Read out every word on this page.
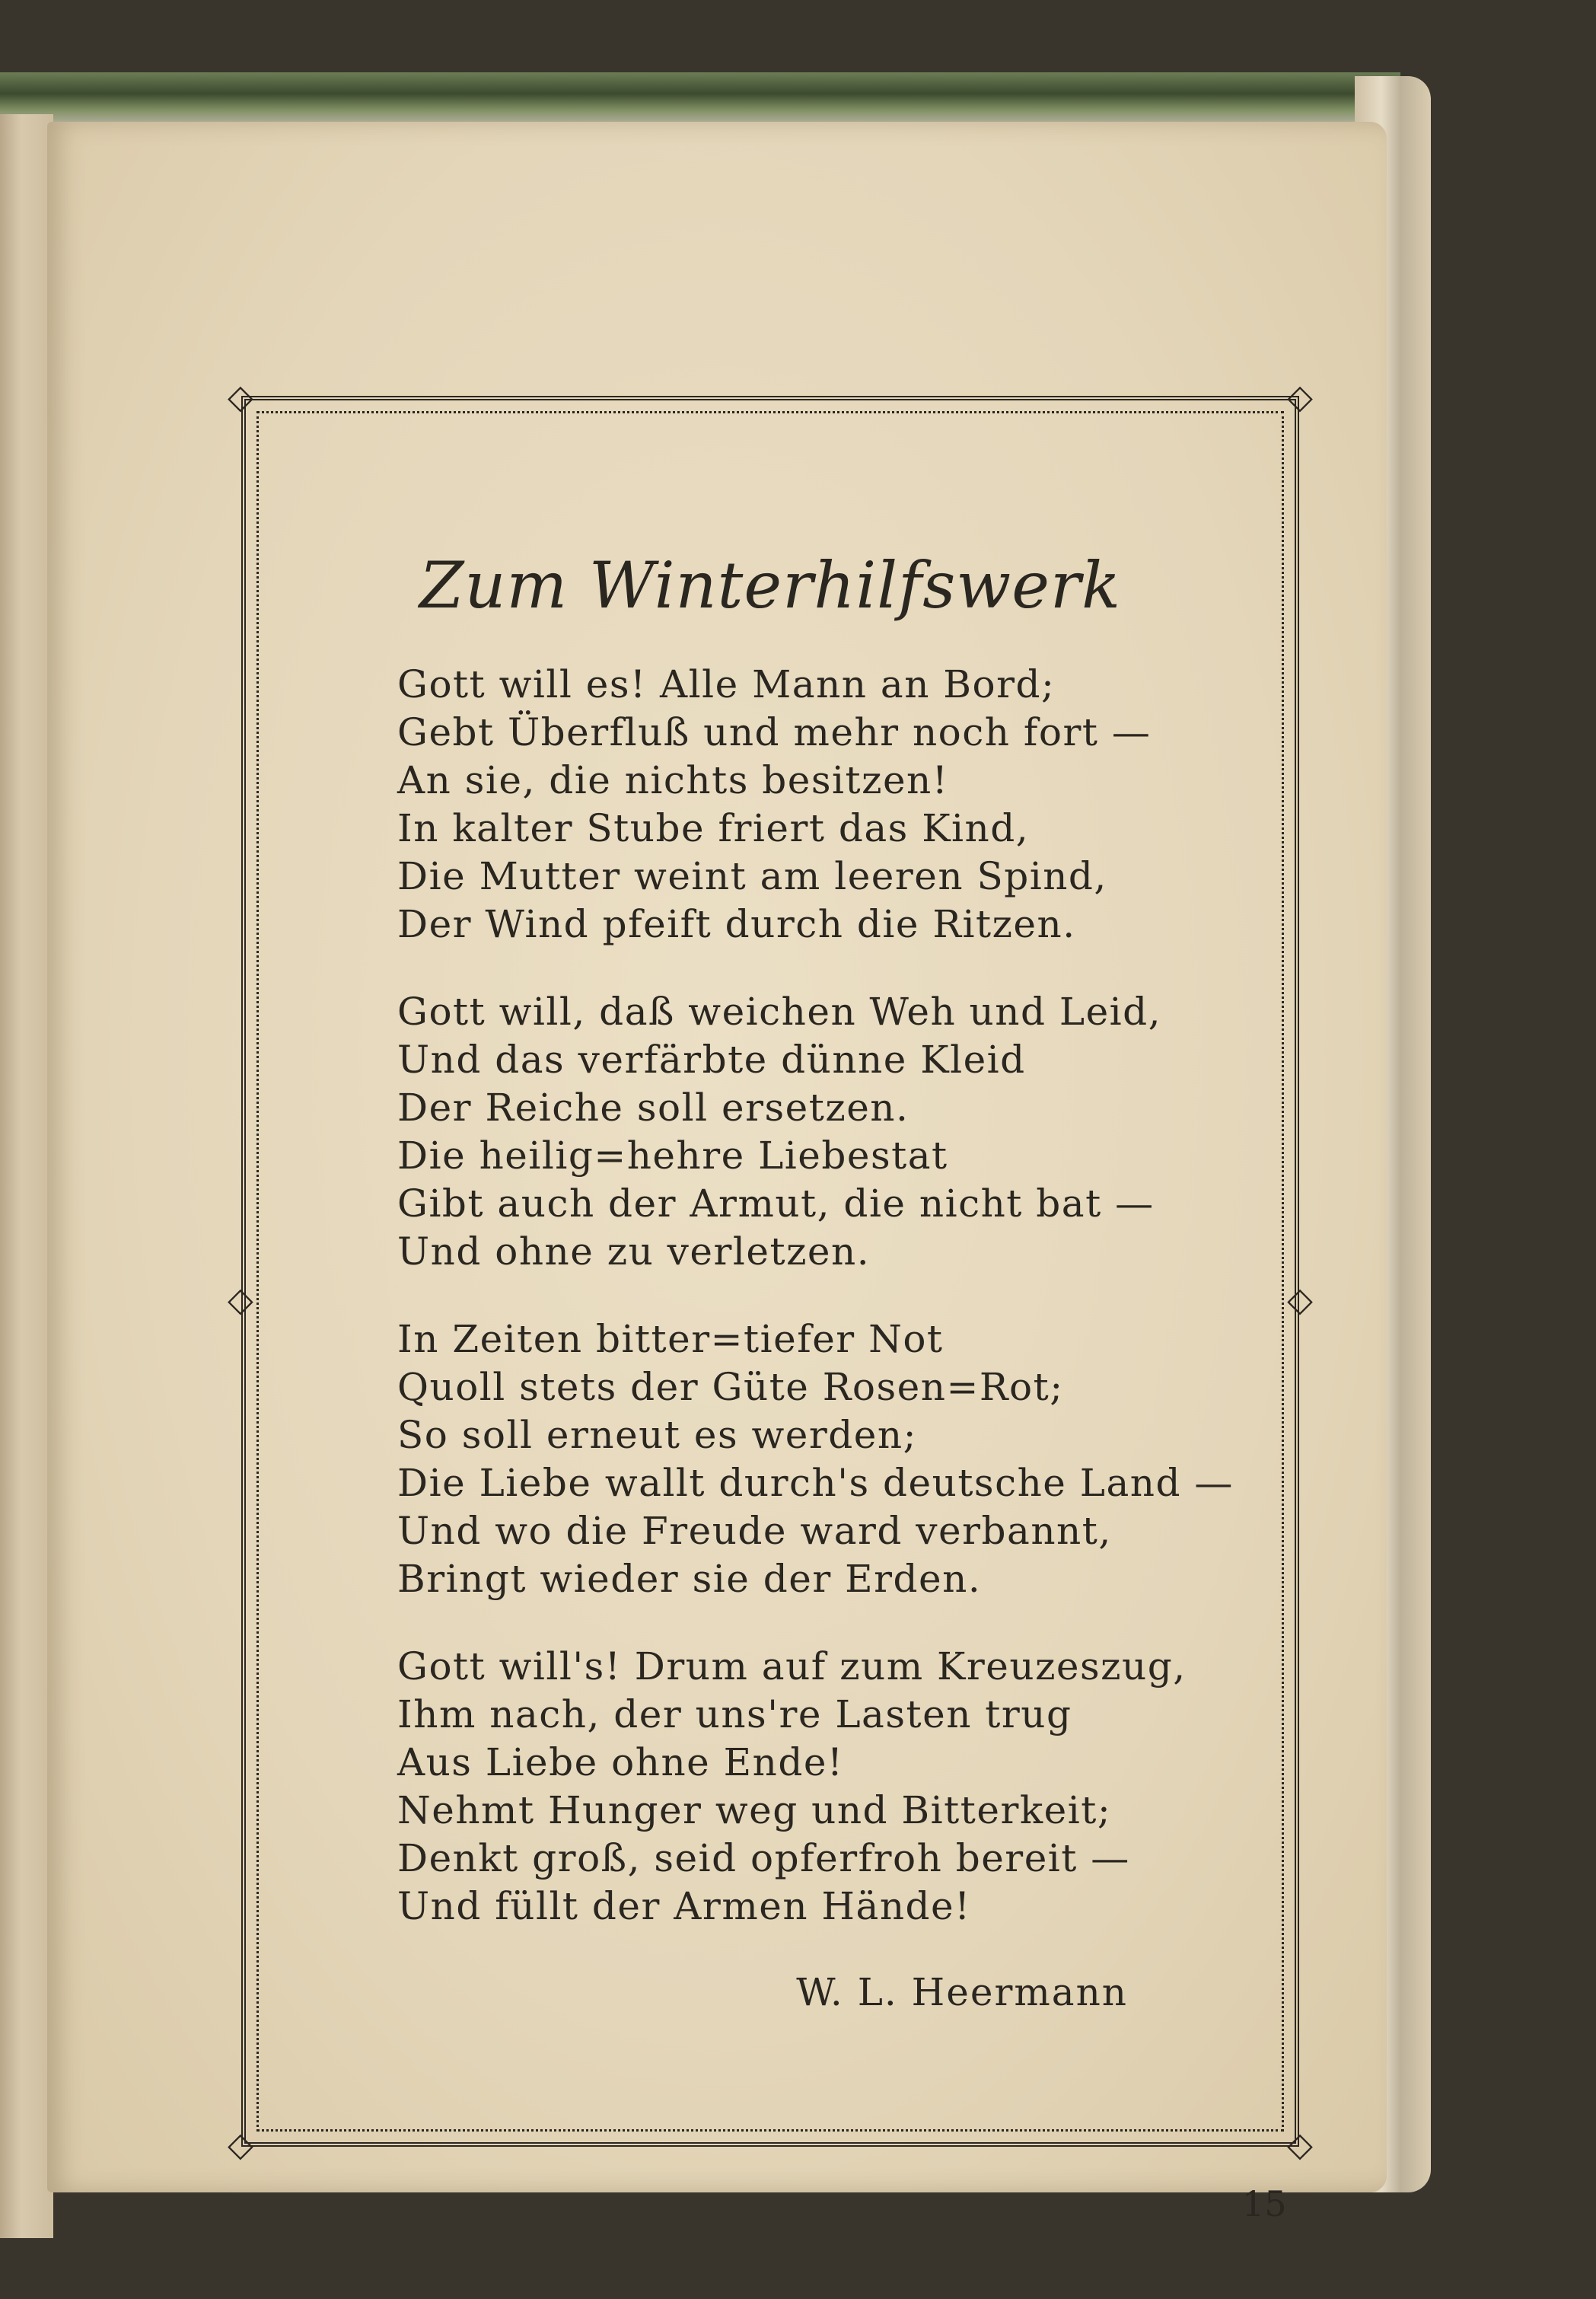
◇	◇
◇	◇
◇	◇
Zum Winterhilfswerk
Gott will es! Alle Mann an Bord;
Gebt Überfluß und mehr noch fort —
An sie, die nichts besitzen!
In kalter Stube friert das Kind,
Die Mutter weint am leeren Spind,
Der Wind pfeift durch die Ritzen.
Gott will, daß weichen Weh und Leid,
Und das verfärbte dünne Kleid
Der Reiche soll ersetzen.
Die heilig=hehre Liebestat
Gibt auch der Armut, die nicht bat —
Und ohne zu verletzen.
In Zeiten bitter=tiefer Not
Quoll stets der Güte Rosen=Rot;
So soll erneut es werden;
Die Liebe wallt durch's deutsche Land —
Und wo die Freude ward verbannt,
Bringt wieder sie der Erden.
Gott will's! Drum auf zum Kreuzeszug,
Ihm nach, der uns're Lasten trug
Aus Liebe ohne Ende!
Nehmt Hunger weg und Bitterkeit;
Denkt groß, seid opferfroh bereit —
Und füllt der Armen Hände!
W. L. Heermann
15
